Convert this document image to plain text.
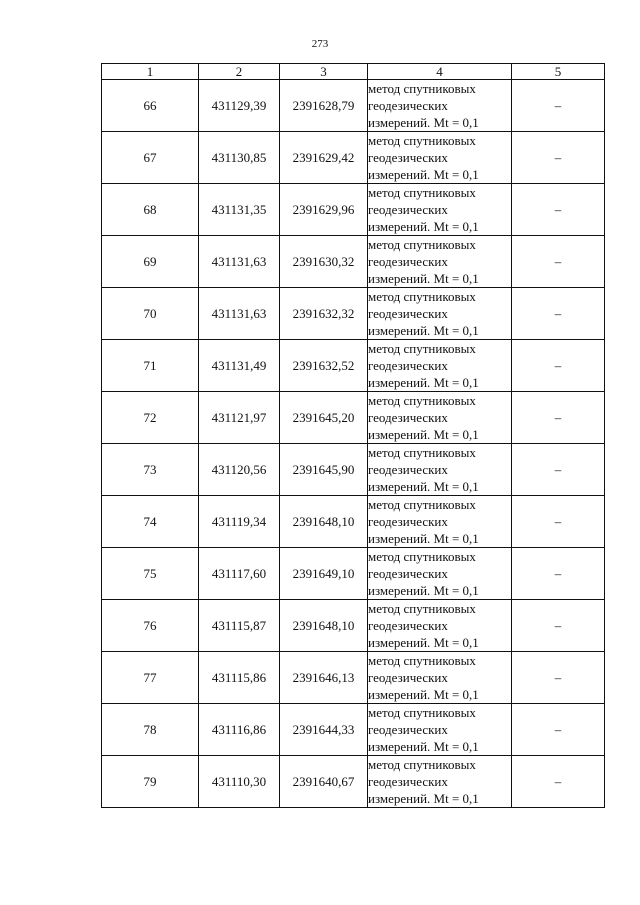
273
1	2	3	4	5
66	431129,39	2391628,79	метод спутниковых
геодезических
измерений. Mt = 0,1	–
67	431130,85	2391629,42	метод спутниковых
геодезических
измерений. Mt = 0,1	–
68	431131,35	2391629,96	метод спутниковых
геодезических
измерений. Mt = 0,1	–
69	431131,63	2391630,32	метод спутниковых
геодезических
измерений. Mt = 0,1	–
70	431131,63	2391632,32	метод спутниковых
геодезических
измерений. Mt = 0,1	–
71	431131,49	2391632,52	метод спутниковых
геодезических
измерений. Mt = 0,1	–
72	431121,97	2391645,20	метод спутниковых
геодезических
измерений. Mt = 0,1	–
73	431120,56	2391645,90	метод спутниковых
геодезических
измерений. Mt = 0,1	–
74	431119,34	2391648,10	метод спутниковых
геодезических
измерений. Mt = 0,1	–
75	431117,60	2391649,10	метод спутниковых
геодезических
измерений. Mt = 0,1	–
76	431115,87	2391648,10	метод спутниковых
геодезических
измерений. Mt = 0,1	–
77	431115,86	2391646,13	метод спутниковых
геодезических
измерений. Mt = 0,1	–
78	431116,86	2391644,33	метод спутниковых
геодезических
измерений. Mt = 0,1	–
79	431110,30	2391640,67	метод спутниковых
геодезических
измерений. Mt = 0,1	–
